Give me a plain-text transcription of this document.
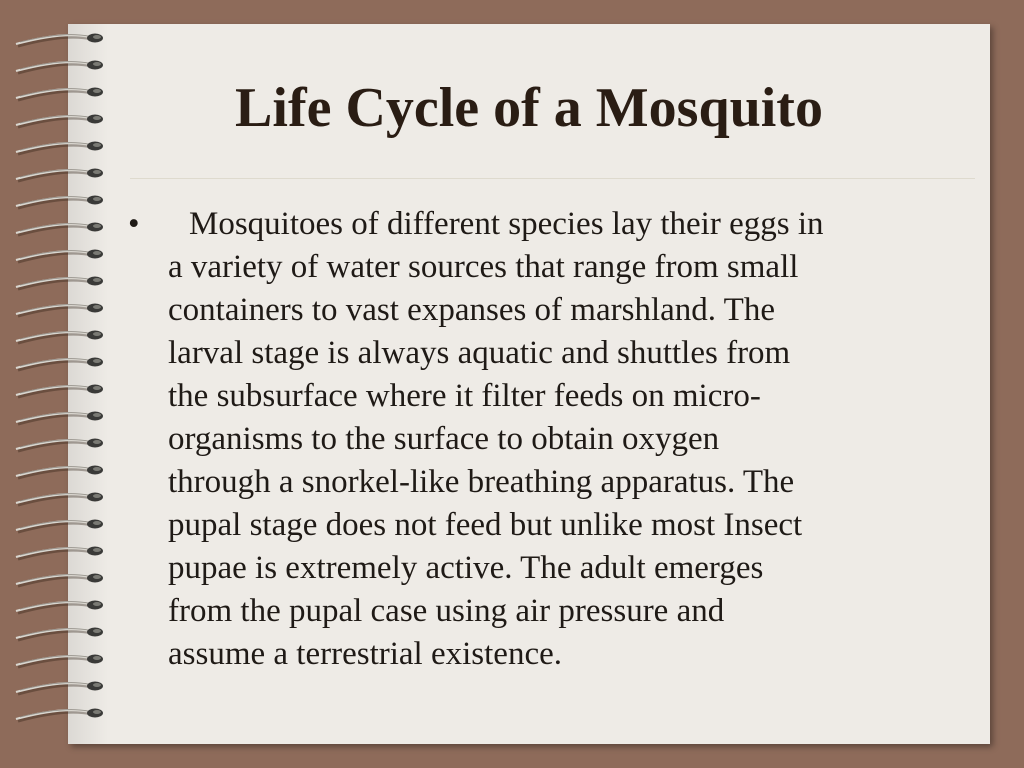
Life Cycle of a Mosquito
•	Mosquitoes of different species lay their eggs in
a variety of water sources that range from small
containers to vast expanses of marshland. The
larval stage is always aquatic and shuttles from
the subsurface where it filter feeds on micro-
organisms to the surface to obtain oxygen
through a snorkel-like breathing apparatus. The
pupal stage does not feed but unlike most Insect
pupae is extremely active. The adult emerges
from the pupal case using air pressure and
assume a terrestrial existence.
